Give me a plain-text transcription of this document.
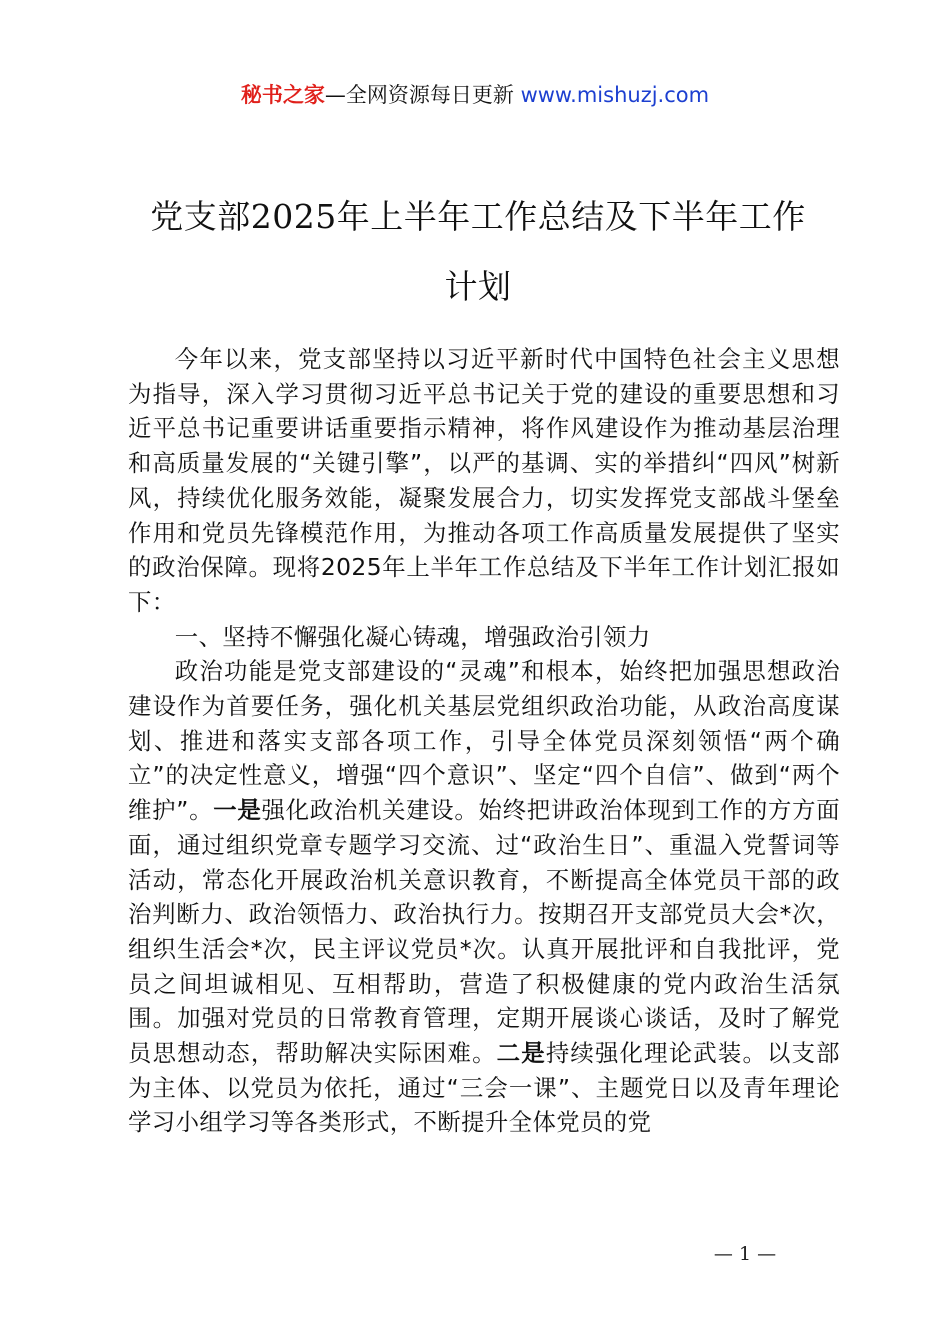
秘书之家—全网资源每日更新 www.mishuzj.com
党支部2025年上半年工作总结及下半年工作
计划

今年以来，党支部坚持以习近平新时代中国特色社会主义思想为指导，深入学习贯彻习近平总书记关于党的建设的重要思想和习近平总书记重要讲话重要指示精神，将作风建设作为推动基层治理和高质量发展的“关键引擎”，以严的基调、实的举措纠“四风”树新风，持续优化服务效能，凝聚发展合力，切实发挥党支部战斗堡垒作用和党员先锋模范作用，为推动各项工作高质量发展提供了坚实的政治保障。现将2025年上半年工作总结及下半年工作计划汇报如下：

一、坚持不懈强化凝心铸魂，增强政治引领力

政治功能是党支部建设的“灵魂”和根本，始终把加强思想政治建设作为首要任务，强化机关基层党组织政治功能，从政治高度谋划、推进和落实支部各项工作，引导全体党员深刻领悟“两个确立”的决定性意义，增强“四个意识”、坚定“四个自信”、做到“两个维护”。一是强化政治机关建设。始终把讲政治体现到工作的方方面面，通过组织党章专题学习交流、过“政治生日”、重温入党誓词等活动，常态化开展政治机关意识教育，不断提高全体党员干部的政治判断力、政治领悟力、政治执行力。按期召开支部党员大会*次，组织生活会*次，民主评议党员*次。认真开展批评和自我批评，党员之间坦诚相见、互相帮助，营造了积极健康的党内政治生活氛围。加强对党员的日常教育管理，定期开展谈心谈话，及时了解党员思想动态，帮助解决实际困难。二是持续强化理论武装。以支部为主体、以党员为依托，通过“三会一课”、主题党日以及青年理论学习小组学习等各类形式，不断提升全体党员的党

— 1 —
